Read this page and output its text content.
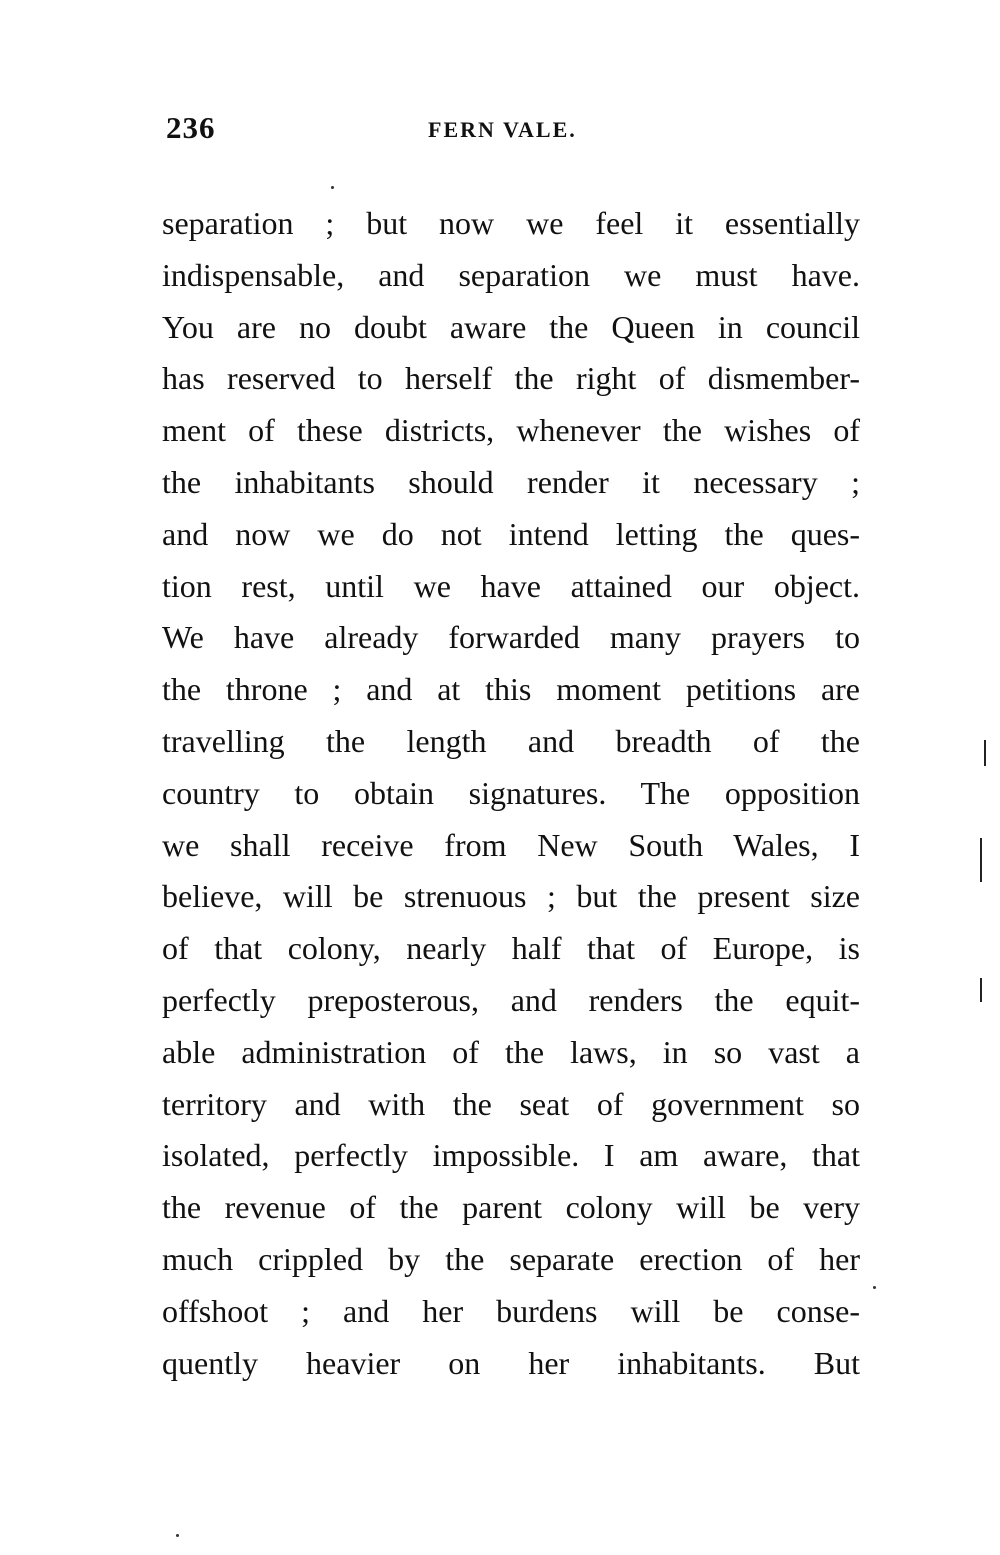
236	FERN VALE.
separation ; but now we feel it essentially
indispensable, and separation we must have.
You are no doubt aware the Queen in council
has reserved to herself the right of dismember-
ment of these districts, whenever the wishes of
the inhabitants should render it necessary ;
and now we do not intend letting the ques-
tion rest, until we have attained our object.
We have already forwarded many prayers to
the throne ; and at this moment petitions are
travelling the length and breadth of the
country to obtain signatures. The opposition
we shall receive from New South Wales, I
believe, will be strenuous ; but the present size
of that colony, nearly half that of Europe, is
perfectly preposterous, and renders the equit-
able administration of the laws, in so vast a
territory and with the seat of government so
isolated, perfectly impossible. I am aware, that
the revenue of the parent colony will be very
much crippled by the separate erection of her
offshoot ; and her burdens will be conse-
quently heavier on her inhabitants. But
